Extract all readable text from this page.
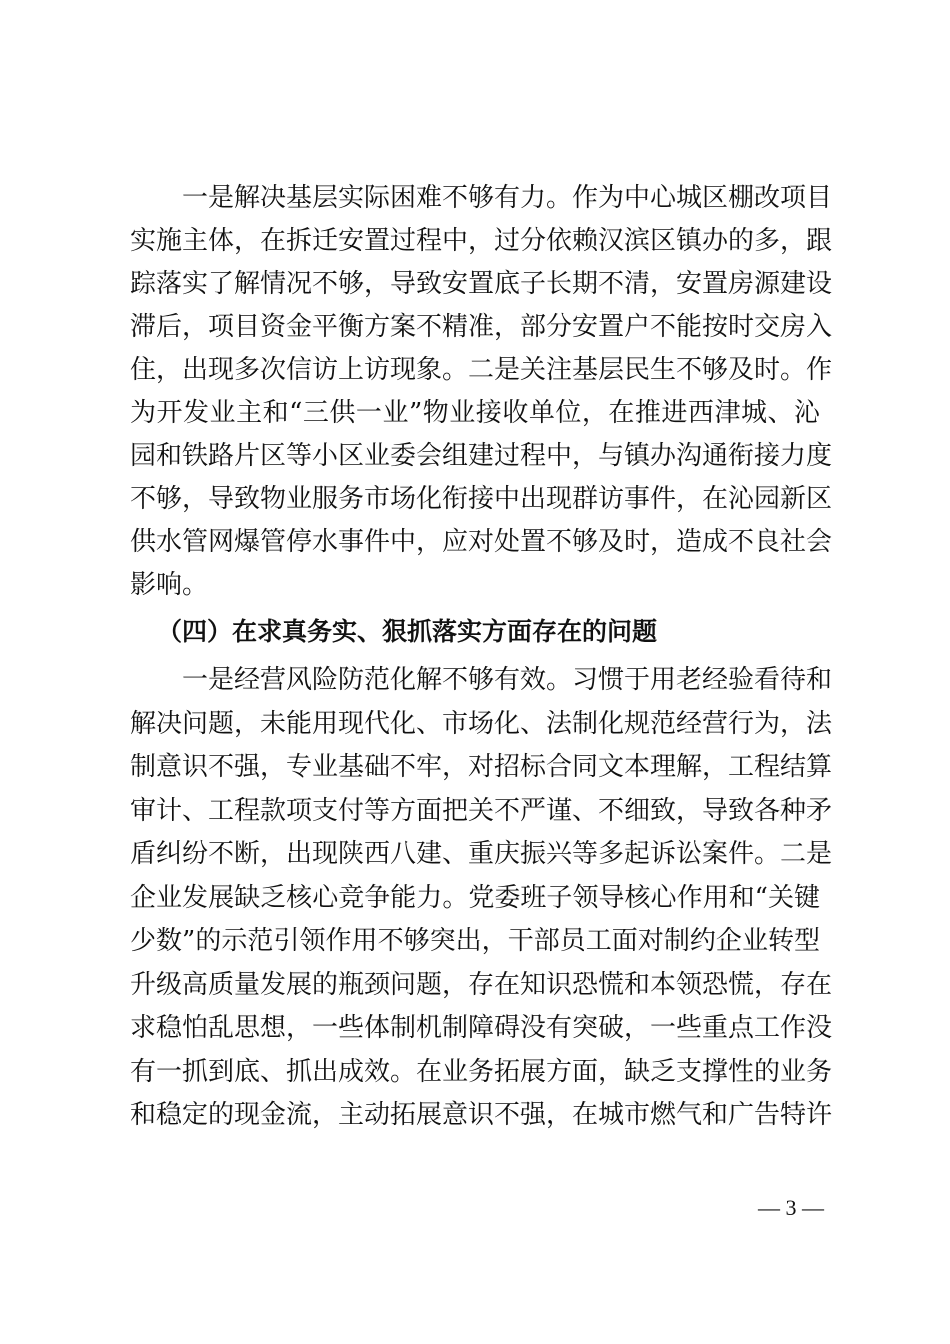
一是解决基层实际困难不够有力。作为中心城区棚改项目
实施主体，在拆迁安置过程中，过分依赖汉滨区镇办的多，跟
踪落实了解情况不够，导致安置底子长期不清，安置房源建设
滞后，项目资金平衡方案不精准，部分安置户不能按时交房入
住，出现多次信访上访现象。二是关注基层民生不够及时。作
为开发业主和“三供一业”物业接收单位，在推进西津城、沁
园和铁路片区等小区业委会组建过程中，与镇办沟通衔接力度
不够，导致物业服务市场化衔接中出现群访事件，在沁园新区
供水管网爆管停水事件中，应对处置不够及时，造成不良社会
影响。
（四）在求真务实、狠抓落实方面存在的问题
一是经营风险防范化解不够有效。习惯于用老经验看待和
解决问题，未能用现代化、市场化、法制化规范经营行为，法
制意识不强，专业基础不牢，对招标合同文本理解，工程结算
审计、工程款项支付等方面把关不严谨、不细致，导致各种矛
盾纠纷不断，出现陕西八建、重庆振兴等多起诉讼案件。二是
企业发展缺乏核心竞争能力。党委班子领导核心作用和“关键
少数”的示范引领作用不够突出，干部员工面对制约企业转型
升级高质量发展的瓶颈问题，存在知识恐慌和本领恐慌，存在
求稳怕乱思想，一些体制机制障碍没有突破，一些重点工作没
有一抓到底、抓出成效。在业务拓展方面，缺乏支撑性的业务
和稳定的现金流，主动拓展意识不强，在城市燃气和广告特许
— 3 —
